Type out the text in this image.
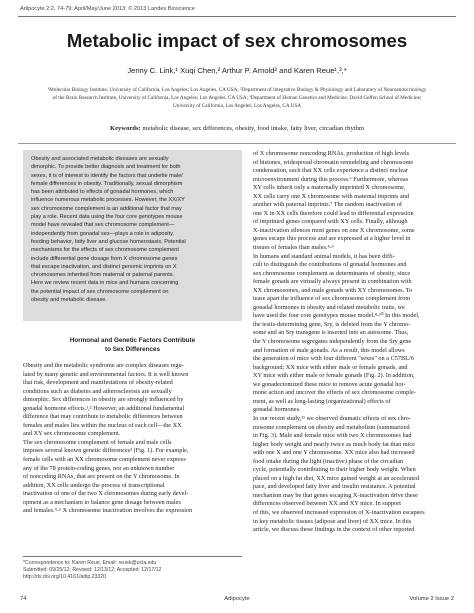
Adipocyte 2:2, 74-79; April/May/June 2013; © 2013 Landes Bioscience
Metabolic impact of sex chromosomes
Jenny C. Link,¹ Xuqi Chen,² Arthur P. Arnold² and Karen Reue¹,³,*
¹Molecular Biology Institute, University of California, Los Angeles; Los Angeles, CA USA; ²Department of Integrative Biology & Physiology and Laboratory of Neuroendocrinology
of the Brain Research Institute, University of California, Los Angeles; Los Angeles, CA USA; ³Department of Human Genetics and Medicine; David Geffen School of Medicine;
University of California, Los Angeles; Los Angeles, CA USA
Keywords: metabolic disease, sex differences, obesity, food intake, fatty liver, circadian rhythm
Obesity and associated metabolic diseases are sexually
dimorphic. To provide better diagnosis and treatment for both
sexes, it is of interest to identify the factors that underlie male/
female differences in obesity. Traditionally, sexual dimorphism
has been attributed to effects of gonadal hormones, which
influence numerous metabolic processes. However, the XX/XY
sex chromosome complement is an additional factor that may
play a role. Recent data using the four core genotypes mouse
model have revealed that sex chromosome complement—
independently from gonadal sex—plays a role in adiposity,
feeding behavior, fatty liver and glucose homeostasis. Potential
mechanisms for the effects of sex chromosome complement
include differential gene dosage from X chromosome genes
that escape inactivation, and distinct genomic imprints on X
chromosomes inherited from maternal or paternal parents.
Here we review recent data in mice and humans concerning
the potential impact of sex chromosome complement on
obesity and metabolic disease.
Hormonal and Genetic Factors Contribute
to Sex Differences
Obesity and the metabolic syndrome are complex diseases regu-
lated by many genetic and environmental factors. It is well known
that risk, development and manifestations of obesity-related
conditions such as diabetes and atherosclerosis are sexually
dimorphic. Sex differences in obesity are strongly influenced by
gonadal hormone effects.¹,² However, an additional fundamental
difference that may contribute to metabolic differences between
females and males lies within the nucleus of each cell—the XX
and XY sex chromosome complement.
The sex chromosome complement of female and male cells
imposes several known genetic differences³ (Fig. 1). For example,
female cells with an XX chromosome complement never express
any of the 78 protein-coding genes, nor an unknown number
of noncoding RNAs, that are present on the Y chromosome. In
addition, XX cells undergo the process of transcriptional
inactivation of one of the two X chromosomes during early devel-
opment as a mechanism to balance gene dosage between males
and females.⁴-⁶ X chromosome inactivation involves the expression
*Correspondence to: Karen Reue; Email: reuek@ucla.edu
Submitted: 09/25/12; Revised: 12/13/12; Accepted: 12/17/12
http://dx.doi.org/10.4161/adip.23320
of X chromosome noncoding RNAs, production of high levels
of histones, widespread chromatin remodeling and chromosome
condensation, such that XX cells experience a distinct nuclear
microenvironment during this process.⁶ Furthermore, whereas
XY cells inherit only a maternally imprinted X chromosome,
XX cells carry one X chromosome with maternal imprints and
another with paternal imprints.⁷ The random inactivation of
one X in XX cells therefore could lead to differential expression
of imprinted genes compared with XY cells. Finally, although
X-inactivation silences most genes on one X chromosome, some
genes escape this process and are expressed at a higher level in
tissues of females than males.⁴-⁶
In humans and standard animal models, it has been diffi-
cult to distinguish the contributions of gonadal hormones and
sex chromosome complement as determinants of obesity, since
female gonads are virtually always present in combination with
XX chromosomes, and male gonads with XY chromosomes. To
tease apart the influence of sex chromosome complement from
gonadal hormones in obesity and related metabolic traits, we
have used the four core genotypes mouse model.⁸-¹⁰ In this model,
the testis-determining gene, Sry, is deleted from the Y chromo-
some and an Sry transgene is inserted into an autosome. Thus,
the Y chromosome segregates independently from the Sry gene
and formation of male gonads. As a result, this model allows
the generation of mice with four different "sexes" on a C57BL/6
background; XX mice with either male or female gonads, and
XY mice with either male or female gonads (Fig. 2). In addition,
we gonadectomized these mice to remove acute gonadal hor-
mone action and uncover the effects of sex chromosome comple-
ment, as well as long-lasting (organizational) effects of
gonadal hormones.
In our recent study,¹¹ we observed dramatic effects of sex chro-
mosome complement on obesity and metabolism (summarized
in Fig. 3). Male and female mice with two X chromosomes had
higher body weight and nearly twice as much body fat than mice
with one X and one Y chromosome. XX mice also had increased
food intake during the light (inactive) phase of the circadian
cycle, potentially contributing to their higher body weight. When
placed on a high fat diet, XX mice gained weight at an accelerated
pace, and developed fatty liver and insulin resistance. A potential
mechanism may be that genes escaping X-inactivation drive these
differences observed between XX and XY mice. In support
of this, we observed increased expression of X-inactivation escapees
in key metabolic tissues (adipose and liver) of XX mice. In this
article, we discuss these findings in the context of other reported
74	Adipocyte	Volume 2 Issue 2
